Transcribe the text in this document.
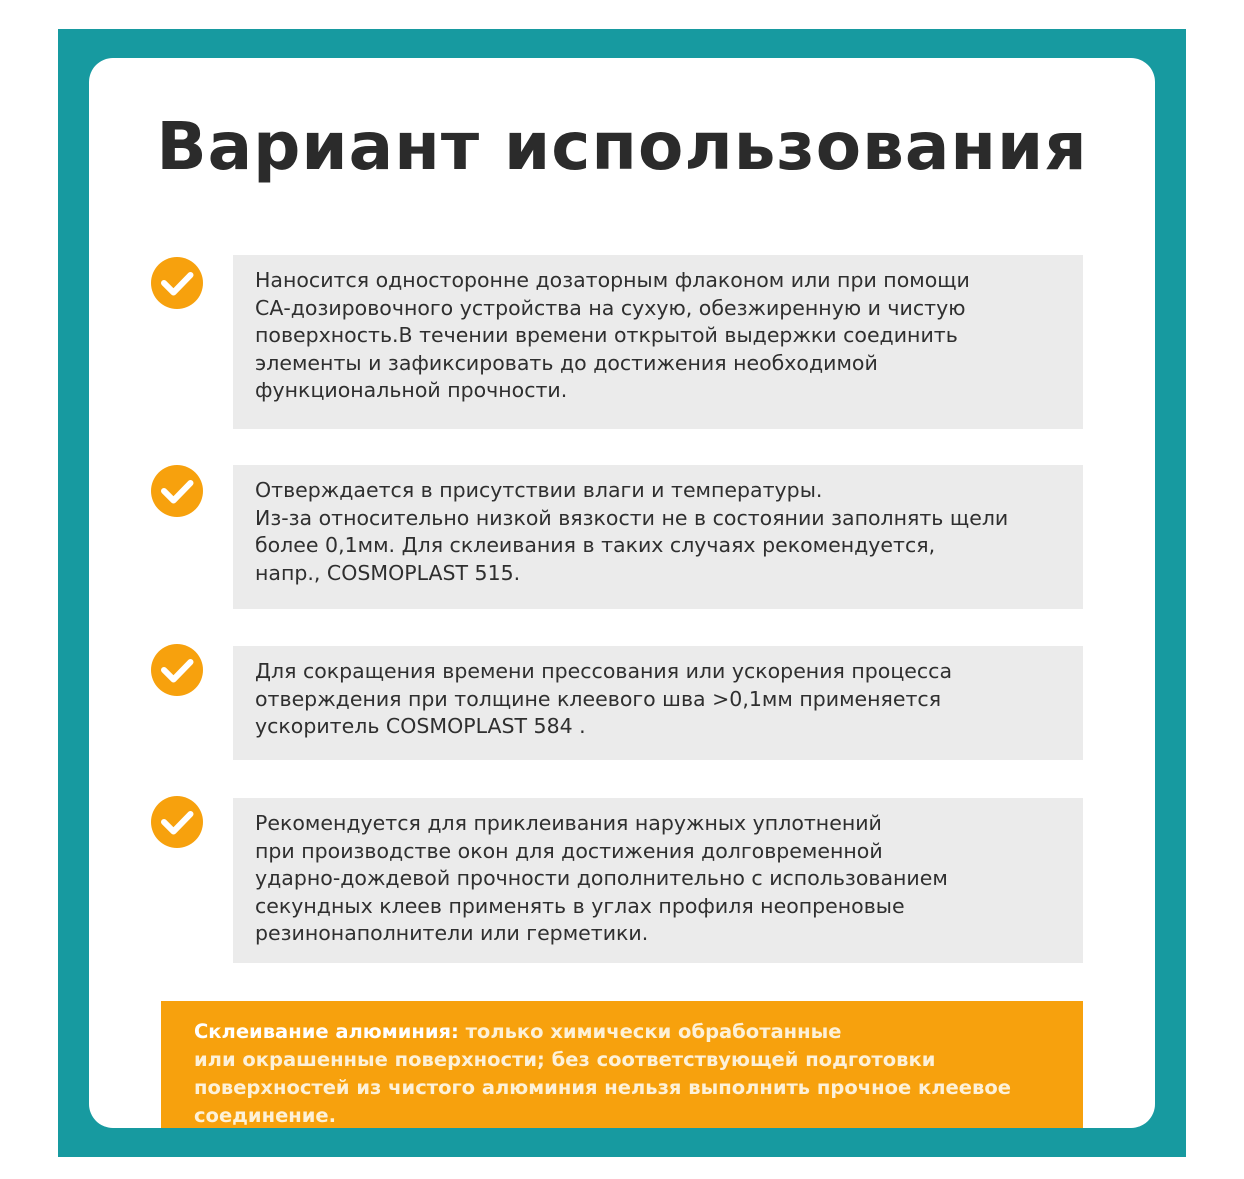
Вариант использования

Наносится односторонне дозаторным флаконом или при помощи
СА-дозировочного устройства на сухую, обезжиренную и чистую
поверхность.В течении времени открытой выдержки соединить
элементы и зафиксировать до достижения необходимой
функциональной прочности.

Отверждается в присутствии влаги и температуры.
Из-за относительно низкой вязкости не в состоянии заполнять щели
более 0,1мм. Для склеивания в таких случаях рекомендуется,
напр., COSMOPLAST 515.

Для сокращения времени прессования или ускорения процесса
отверждения при толщине клеевого шва >0,1мм применяется
ускоритель COSMOPLAST 584 .

Рекомендуется для приклеивания наружных уплотнений
при производстве окон для достижения долговременной
ударно-дождевой прочности дополнительно с использованием
секундных клеев применять в углах профиля неопреновые
резинонаполнители или герметики.

Склеивание алюминия: только химически обработанные
или окрашенные поверхности; без соответствующей подготовки
поверхностей из чистого алюминия нельзя выполнить прочное клеевое
соединение.
